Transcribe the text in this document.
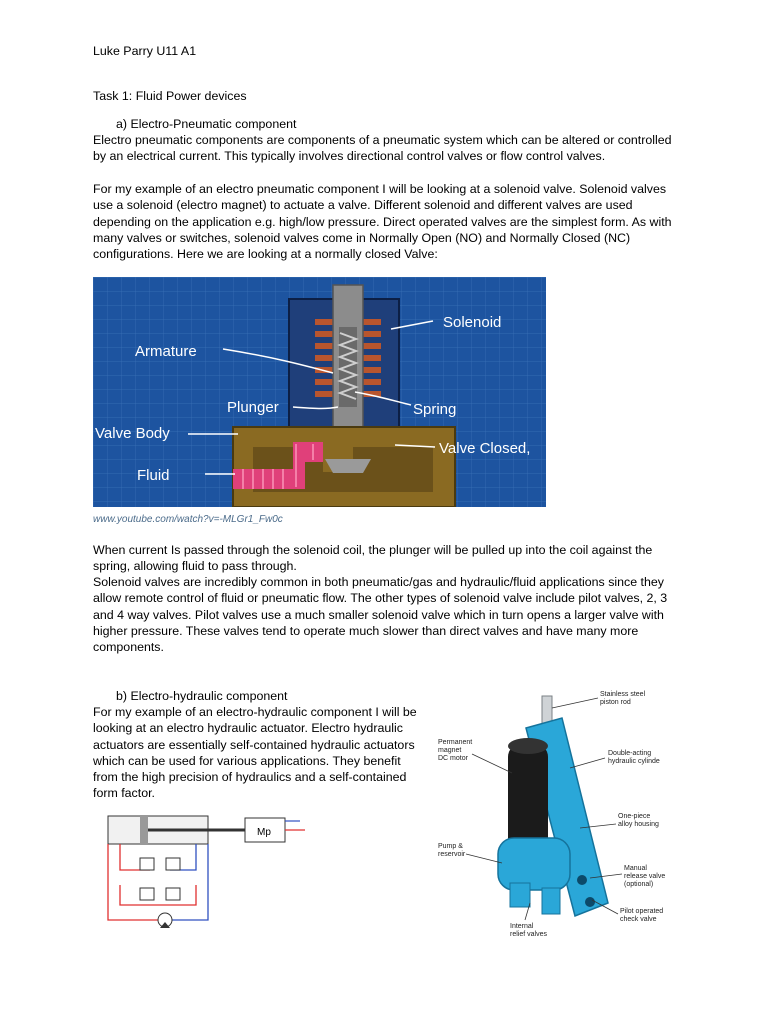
Luke Parry U11 A1

Task 1: Fluid Power devices

a) Electro-Pneumatic component

Electro pneumatic components are components of a pneumatic system which can be altered or controlled by an electrical current. This typically involves directional control valves or flow control valves.

For my example of an electro pneumatic component I will be looking at a solenoid valve. Solenoid valves use a solenoid (electro magnet) to actuate a valve. Different solenoid and different valves are used depending on the application e.g. high/low pressure. Direct operated valves are the simplest form. As with many valves or switches, solenoid valves come in Normally Open (NO) and Normally Closed (NC) configurations. Here we are looking at a normally closed Valve:

Solenoid
Armature
Plunger	Spring
Valve Body
Valve Closed,
Fluid

www.youtube.com/watch?v=-MLGr1_Fw0c

When current Is passed through the solenoid coil, the plunger will be pulled up into the coil against the spring, allowing fluid to pass through.

Solenoid valves are incredibly common in both pneumatic/gas and hydraulic/fluid applications since they allow remote control of fluid or pneumatic flow. The other types of solenoid valve include pilot valves, 2, 3 and 4 way valves. Pilot valves use a much smaller solenoid valve which in turn opens a larger valve with higher pressure. These valves tend to operate much slower than direct valves and have many more components.

b) Electro-hydraulic component

For my example of an electro-hydraulic component I will be looking at an electro hydraulic actuator. Electro hydraulic actuators are essentially self-contained hydraulic actuators which can be used for various applications. They benefit from the high precision of hydraulics and a self-contained form factor.

Mp
Stainless steel piston rod
Permanent magnet DC motor
Double-acting hydraulic cylinde
Pump & reservoir
One-piece alloy housing
Manual release valve (optional)
Pilot operated check valve
Internal relief valves
